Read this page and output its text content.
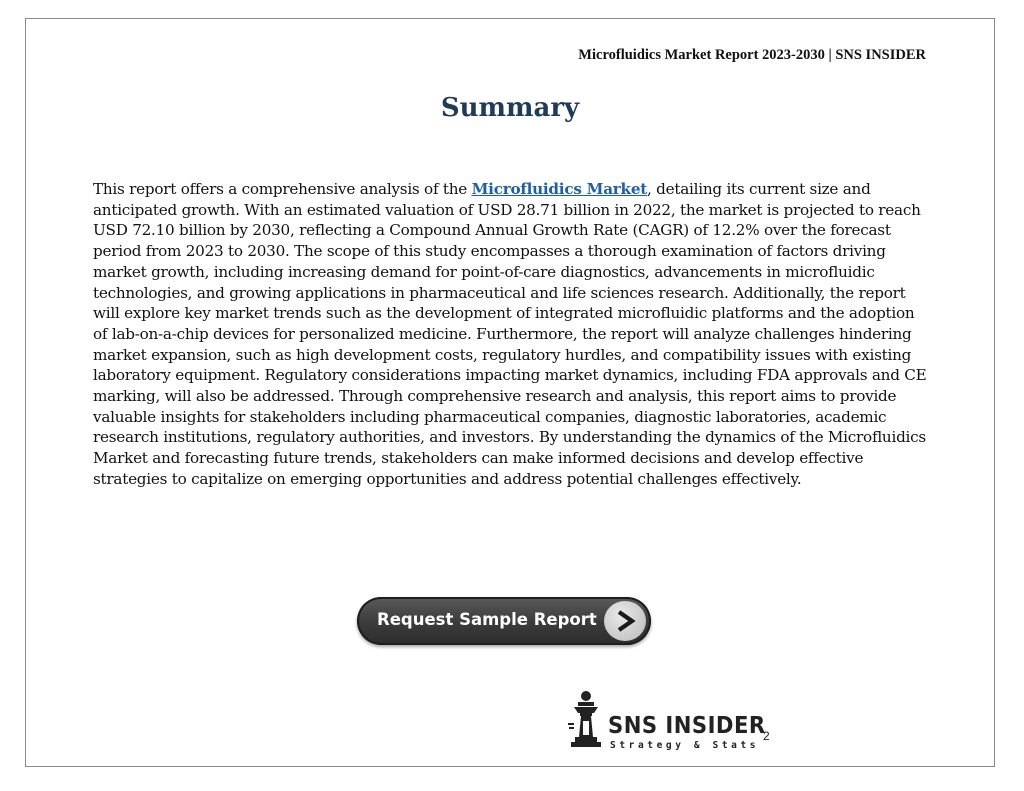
Microfluidics Market Report 2023-2030 | SNS INSIDER
Summary
This report offers a comprehensive analysis of the Microfluidics Market, detailing its current size and anticipated growth. With an estimated valuation of USD 28.71 billion in 2022, the market is projected to reach USD 72.10 billion by 2030, reflecting a Compound Annual Growth Rate (CAGR) of 12.2% over the forecast period from 2023 to 2030. The scope of this study encompasses a thorough examination of factors driving market growth, including increasing demand for point-of-care diagnostics, advancements in microfluidic technologies, and growing applications in pharmaceutical and life sciences research. Additionally, the report will explore key market trends such as the development of integrated microfluidic platforms and the adoption of lab-on-a-chip devices for personalized medicine. Furthermore, the report will analyze challenges hindering market expansion, such as high development costs, regulatory hurdles, and compatibility issues with existing laboratory equipment. Regulatory considerations impacting market dynamics, including FDA approvals and CE marking, will also be addressed. Through comprehensive research and analysis, this report aims to provide valuable insights for stakeholders including pharmaceutical companies, diagnostic laboratories, academic research institutions, regulatory authorities, and investors. By understanding the dynamics of the Microfluidics Market and forecasting future trends, stakeholders can make informed decisions and develop effective strategies to capitalize on emerging opportunities and address potential challenges effectively.
Request Sample Report
SNS INSIDER
Strategy & Stats
2
